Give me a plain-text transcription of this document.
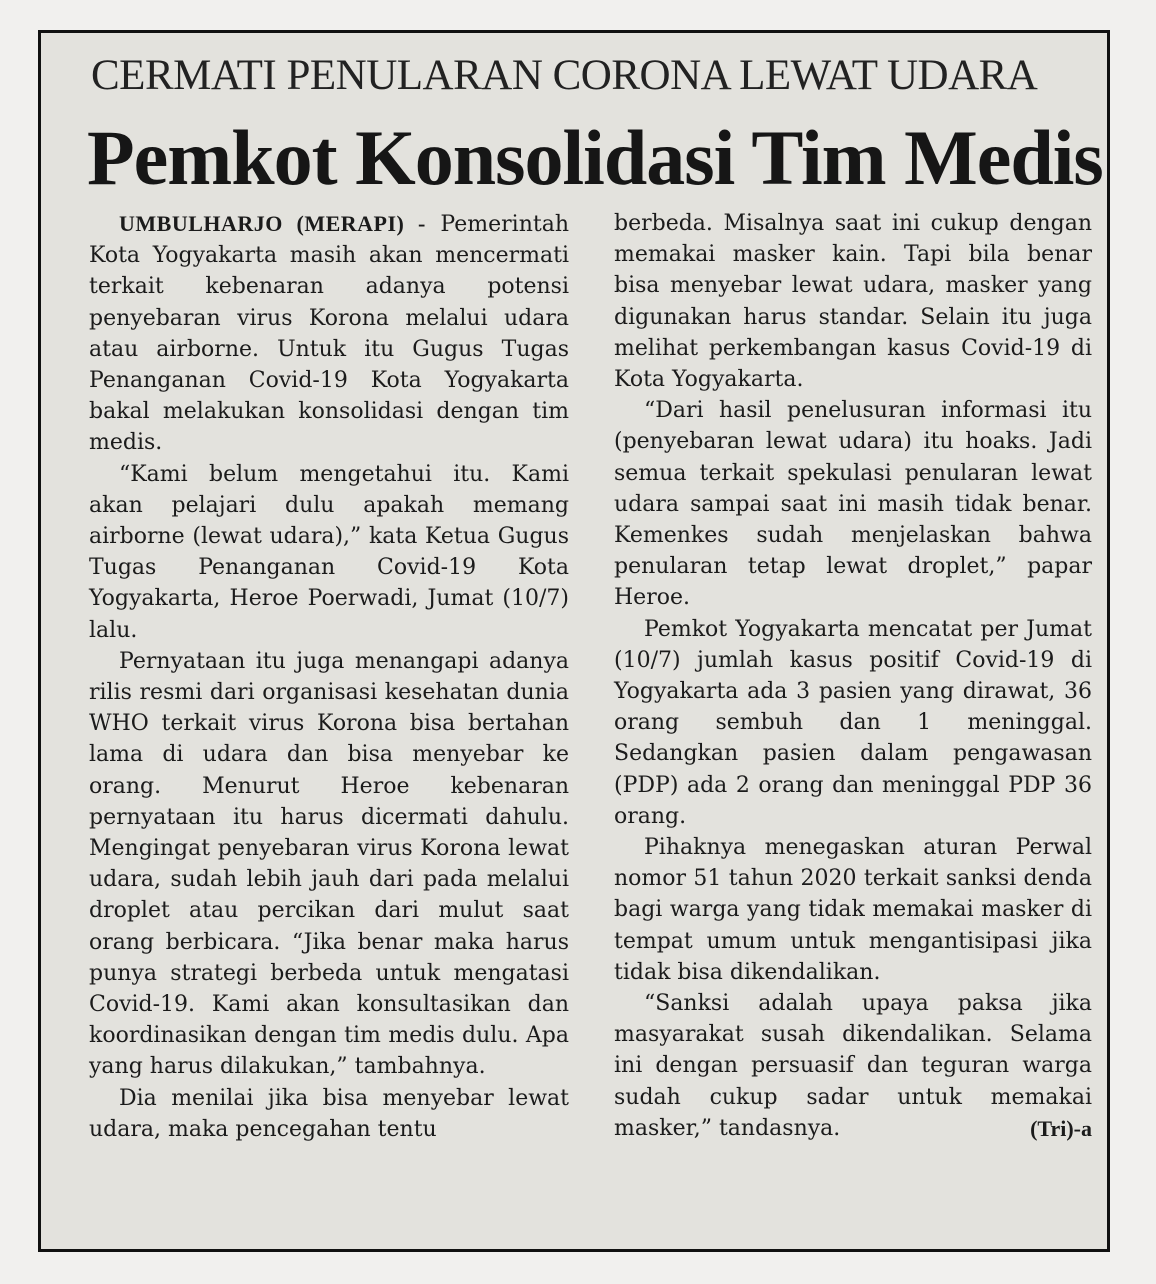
CERMATI PENULARAN CORONA LEWAT UDARA
Pemkot Konsolidasi Tim Medis

UMBULHARJO (MERAPI) - Pemerintah Kota Yogyakarta masih akan mencermati terkait kebenaran adanya potensi penyebaran virus Korona melalui udara atau airborne. Untuk itu Gugus Tugas Penanganan Covid-19 Kota Yogyakarta bakal melakukan konsolidasi dengan tim medis.

“Kami belum mengetahui itu. Kami akan pelajari dulu apakah memang airborne (lewat udara),” kata Ketua Gugus Tugas Penanganan Covid-19 Kota Yogyakarta, Heroe Poerwadi, Jumat (10/7) lalu.

Pernyataan itu juga menangapi adanya rilis resmi dari organisasi kesehatan dunia WHO terkait virus Korona bisa bertahan lama di udara dan bisa menyebar ke orang. Menurut Heroe kebenaran pernyataan itu harus dicermati dahulu. Mengingat penyebaran virus Korona lewat udara, sudah lebih jauh dari pada melalui droplet atau percikan dari mulut saat orang berbicara. “Jika benar maka harus punya strategi berbeda untuk mengatasi Covid-19. Kami akan konsultasikan dan koordinasikan dengan tim medis dulu. Apa yang harus dilakukan,” tambahnya.

Dia menilai jika bisa menyebar lewat udara, maka pencegahan tentu

berbeda. Misalnya saat ini cukup dengan memakai masker kain. Tapi bila benar bisa menyebar lewat udara, masker yang digunakan harus standar. Selain itu juga melihat perkembangan kasus Covid-19 di Kota Yogyakarta.

“Dari hasil penelusuran informasi itu (penyebaran lewat udara) itu hoaks. Jadi semua terkait spekulasi penularan lewat udara sampai saat ini masih tidak benar. Kemenkes sudah menjelaskan bahwa penularan tetap lewat droplet,” papar Heroe.

Pemkot Yogyakarta mencatat per Jumat (10/7) jumlah kasus positif Covid-19 di Yogyakarta ada 3 pasien yang dirawat, 36 orang sembuh dan 1 meninggal. Sedangkan pasien dalam pengawasan (PDP) ada 2 orang dan meninggal PDP 36 orang.

Pihaknya menegaskan aturan Perwal nomor 51 tahun 2020 terkait sanksi denda bagi warga yang tidak memakai masker di tempat umum untuk mengantisipasi jika tidak bisa dikendalikan.

“Sanksi adalah upaya paksa jika masyarakat susah dikendalikan. Selama ini dengan persuasif dan teguran warga sudah cukup sadar untuk memakai masker,” tandasnya.	(Tri)-a
